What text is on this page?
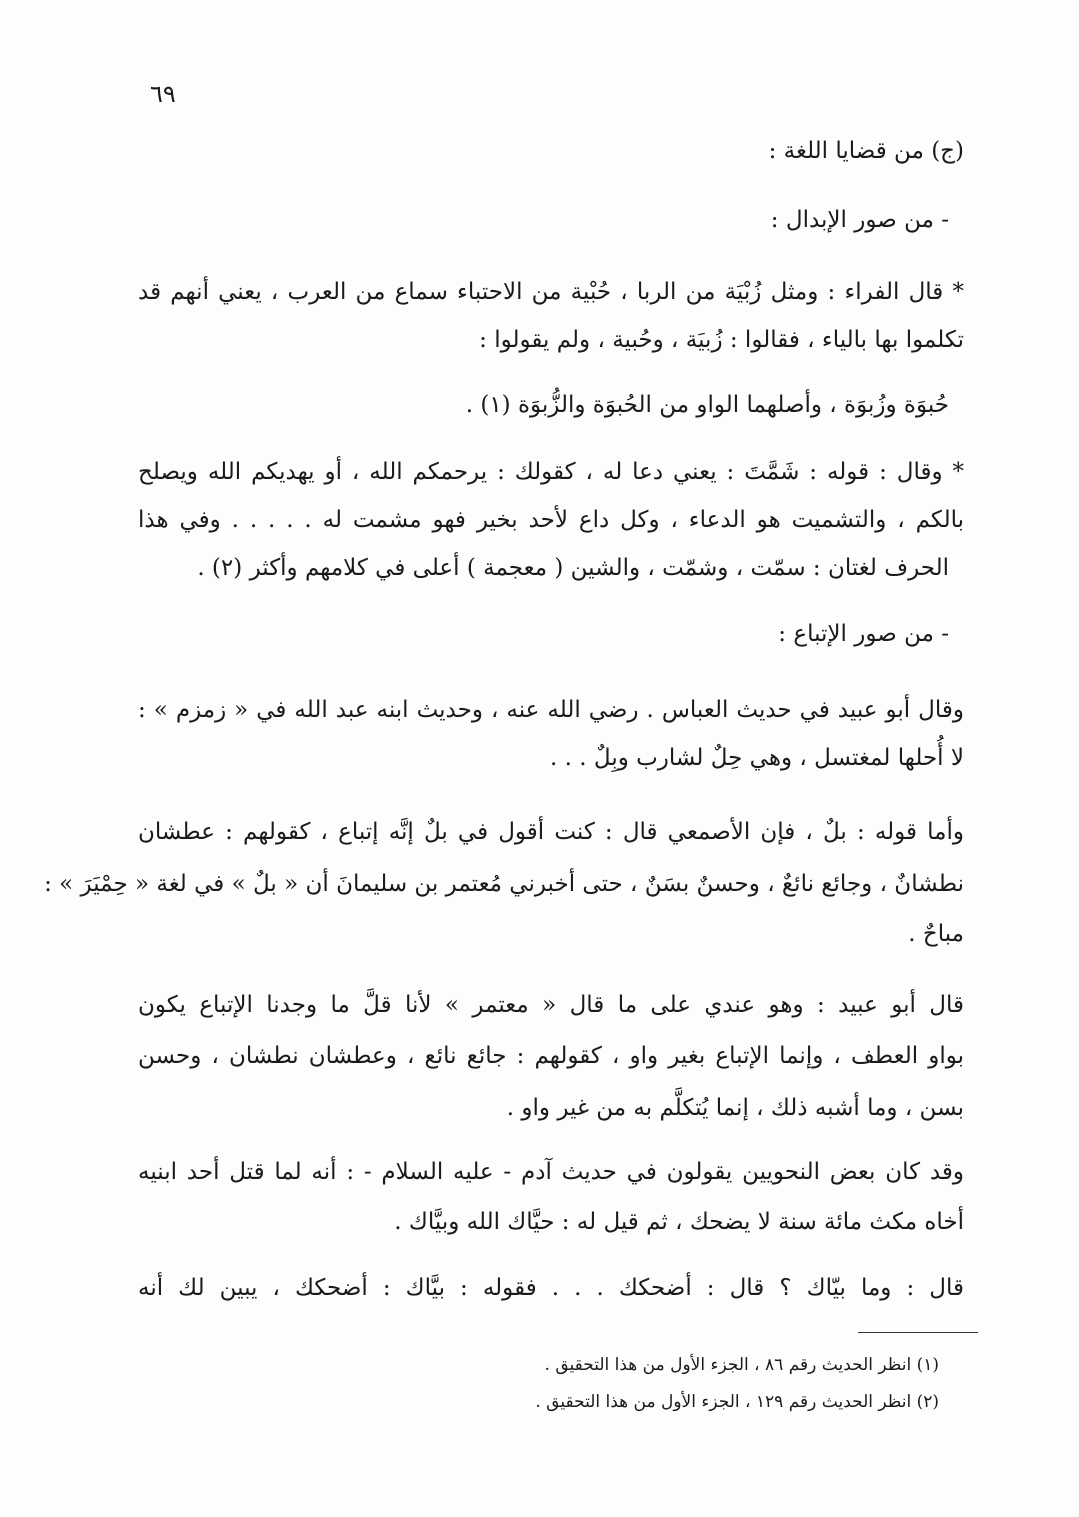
٦٩
(ج) من قضايا اللغة :
- من صور الإبدال :
* قال الفراء : ومثل زُبْيَة من الربا ، حُبْية من الاحتباء سماع من العرب ، يعني أنهم قد
تكلموا بها بالياء ، فقالوا : زُبيَة ، وحُبية ، ولم يقولوا :
حُبوَة وزُبوَة ، وأصلهما الواو من الحُبوَة والزُّبوَة (١) .
* وقال : قوله : شَمَّتَ : يعني دعا له ، كقولك : يرحمكم الله ، أو يهديكم الله ويصلح
بالكم ، والتشميت هو الدعاء ، وكل داع لأحد بخير فهو مشمت له . . . . . وفي هذا
الحرف لغتان : سمّت ، وشمّت ، والشين ( معجمة ) أعلى في كلامهم وأكثر (٢) .
- من صور الإتباع :
وقال أبو عبيد في حديث العباس . رضي الله عنه ، وحديث ابنه عبد الله في « زمزم » :
لا أُحلها لمغتسل ، وهي حِلٌ لشارب وبِلٌ . . .
وأما قوله : بلٌ ، فإن الأصمعي قال : كنت أقول في بلٌ إنَّه إتباع ، كقولهم : عطشان
نطشانٌ ، وجائع نائعٌ ، وحسنٌ بسَنٌ ، حتى أخبرني مُعتمر بن سليمانَ أن « بلٌ » في لغة « حِمْيَرَ » :
مباحٌ .
قال أبو عبيد : وهو عندي على ما قال « معتمر » لأنا قلَّ ما وجدنا الإتباع يكون
بواو العطف ، وإنما الإتباع بغير واو ، كقولهم : جائع نائع ، وعطشان نطشان ، وحسن
بسن ، وما أشبه ذلك ، إنما يُتكلَّم به من غير واو .
وقد كان بعض النحويين يقولون في حديث آدم - عليه السلام - : أنه لما قتل أحد ابنيه
أخاه مكث مائة سنة لا يضحك ، ثم قيل له : حيَّاك الله وبيَّاك .
قال : وما بيّاك ؟ قال : أضحكك . . . فقوله : بيَّاك : أضحكك ، يبين لك أنه
(١) انظر الحديث رقم ٨٦ ، الجزء الأول من هذا التحقيق .
(٢) انظر الحديث رقم ١٢٩ ، الجزء الأول من هذا التحقيق .
